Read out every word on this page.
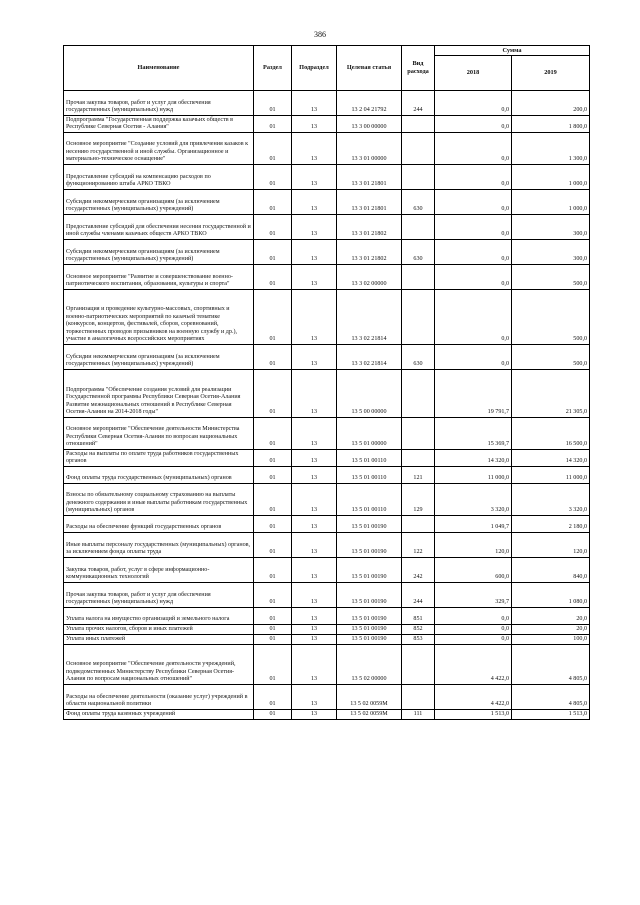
386
Наименование	Раздел	Подраздел	Целевая статья	Вид расхода	Сумма	
					2018	2019
Прочая закупка товаров, работ и услуг для обеспечения государственных (муниципальных) нужд	01	13	13 2 04 21792	244	0,0	200,0
Подпрограмма "Государственная поддержка казачьих обществ в Республике Северная Осетия - Алания"	01	13	13 3 00 00000		0,0	1 800,0
Основное мероприятие "Создание условий для привлечения казаков к несению государственной и иной службы. Организационное и материально-техническое оснащение"	01	13	13 3 01 00000		0,0	1 300,0
Предоставление субсидий на компенсацию расходов по функционированию штаба АРКО ТВКО	01	13	13 3 01 21801		0,0	1 000,0
Субсидии некоммерческим организациям (за исключением государственных (муниципальных) учреждений)	01	13	13 3 01 21801	630	0,0	1 000,0
Предоставление субсидий для обеспечения несения государственной и иной службы членами казачьих обществ АРКО ТВКО	01	13	13 3 01 21802		0,0	300,0
Субсидии некоммерческим организациям (за исключением государственных (муниципальных) учреждений)	01	13	13 3 01 21802	630	0,0	300,0
Основное мероприятие "Развитие и совершенствование военно-патриотического воспитания, образования, культуры и спорта"	01	13	13 3 02 00000		0,0	500,0
Организация и проведение культурно-массовых, спортивных и военно-патриотических мероприятий по казачьей тематике (конкурсов, концертов, фестивалей, сборов, соревнований, торжественных проводов призывников на военную службу и др.), участие в аналогичных всероссийских мероприятиях	01	13	13 3 02 21814		0,0	500,0
Субсидии некоммерческим организациям (за исключением государственных (муниципальных) учреждений)	01	13	13 3 02 21814	630	0,0	500,0
Подпрограмма "Обеспечение создания условий для реализации Государственной программы Республики Северная Осетия-Алания Развитие межнациональных отношений в Республике Северная Осетия-Алания на 2014-2018 годы"	01	13	13 5 00 00000		19 791,7	21 305,0
Основное мероприятие "Обеспечение деятельности Министерства Республики Северная Осетия-Алания по вопросам национальных отношений"	01	13	13 5 01 00000		15 369,7	16 500,0
Расходы на выплаты по оплате труда работников государственных органов	01	13	13 5 01 00110		14 320,0	14 320,0
Фонд оплаты труда государственных (муниципальных) органов	01	13	13 5 01 00110	121	11 000,0	11 000,0
Взносы по обязательному социальному страхованию на выплаты денежного содержания и иные выплаты работникам государственных (муниципальных) органов	01	13	13 5 01 00110	129	3 320,0	3 320,0
Расходы на обеспечение функций государственных органов	01	13	13 5 01 00190		1 049,7	2 180,0
Иные выплаты персоналу государственных (муниципальных) органов, за исключением фонда оплаты труда	01	13	13 5 01 00190	122	120,0	120,0
Закупка товаров, работ, услуг в сфере информационно-коммуникационных технологий	01	13	13 5 01 00190	242	600,0	840,0
Прочая закупка товаров, работ и услуг для обеспечения государственных (муниципальных) нужд	01	13	13 5 01 00190	244	329,7	1 080,0
Уплата налога на имущество организаций и земельного налога	01	13	13 5 01 00190	851	0,0	20,0
Уплата прочих налогов, сборов и иных платежей	01	13	13 5 01 00190	852	0,0	20,0
Уплата иных платежей	01	13	13 5 01 00190	853	0,0	100,0
Основное мероприятие "Обеспечение деятельности учреждений, подведомственных Министерству Республики Северная Осетия-Алания по вопросам национальных отношений"	01	13	13 5 02 00000		4 422,0	4 805,0
Расходы на обеспечение деятельности (оказание услуг) учреждений в области национальной политики	01	13	13 5 02 0059М		4 422,0	4 805,0
Фонд оплаты труда казенных учреждений	01	13	13 5 02 0059М	111	1 513,0	1 513,0
